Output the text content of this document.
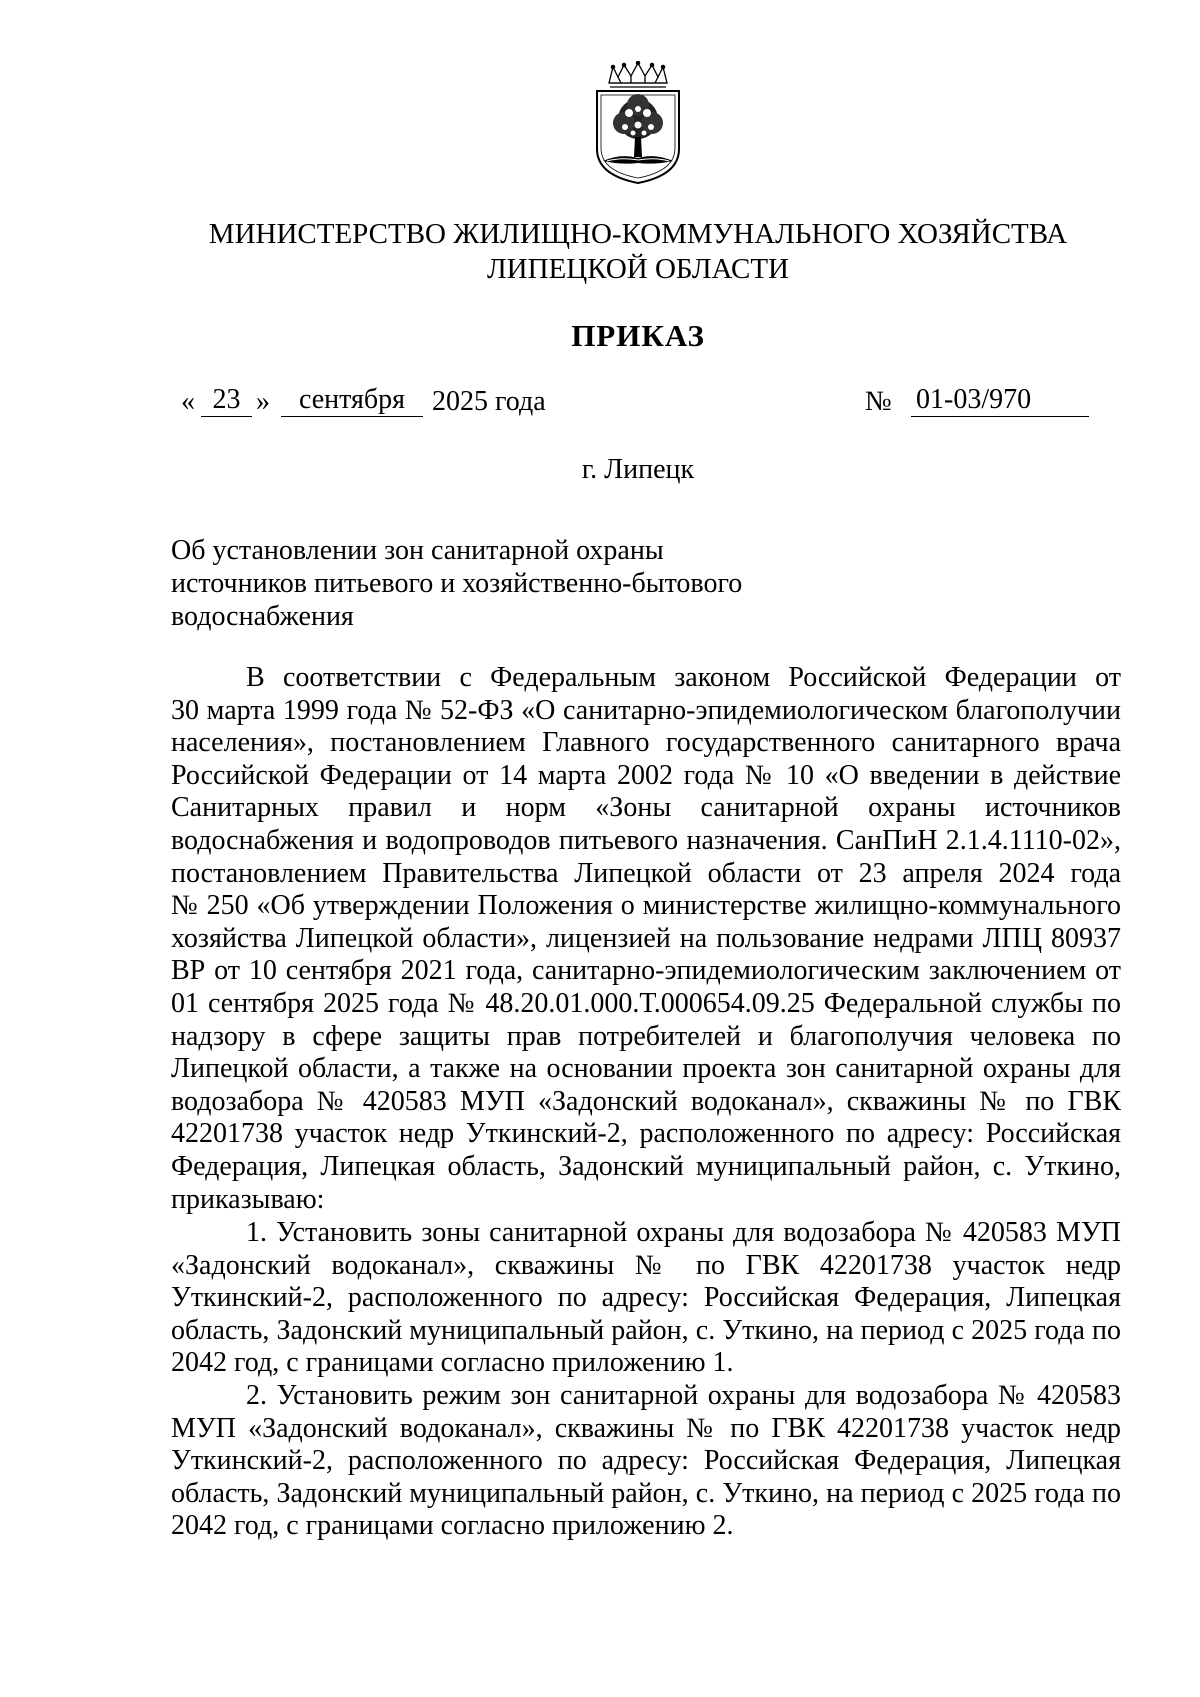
МИНИСТЕРСТВО ЖИЛИЩНО-КОММУНАЛЬНОГО ХОЗЯЙСТВА
ЛИПЕЦКОЙ ОБЛАСТИ
ПРИКАЗ
« 23 »	сентября 2025 года	№ 01-03/970
г. Липецк
Об установлении зон санитарной охраны
источников питьевого и хозяйственно-бытового
водоснабжения
В соответствии с Федеральным законом Российской Федерации от
30 марта 1999 года № 52-ФЗ «О санитарно-эпидемиологическом благополучии
населения», постановлением Главного государственного санитарного врача
Российской Федерации от 14 марта 2002 года № 10 «О введении в действие
Санитарных правил и норм «Зоны санитарной охраны источников
водоснабжения и водопроводов питьевого назначения. СанПиН 2.1.4.1110-02»,
постановлением Правительства Липецкой области от 23 апреля 2024 года
№ 250 «Об утверждении Положения о министерстве жилищно-коммунального
хозяйства Липецкой области», лицензией на пользование недрами ЛПЦ 80937
ВР от 10 сентября 2021 года, санитарно-эпидемиологическим заключением от
01 сентября 2025 года № 48.20.01.000.Т.000654.09.25 Федеральной службы по
надзору в сфере защиты прав потребителей и благополучия человека по
Липецкой области, а также на основании проекта зон санитарной охраны для
водозабора № 420583 МУП «Задонский водоканал», скважины № по ГВК
42201738 участок недр Уткинский-2, расположенного по адресу: Российская
Федерация, Липецкая область, Задонский муниципальный район, с. Уткино,
приказываю:
1. Установить зоны санитарной охраны для водозабора № 420583 МУП
«Задонский водоканал», скважины № по ГВК 42201738 участок недр
Уткинский-2, расположенного по адресу: Российская Федерация, Липецкая
область, Задонский муниципальный район, с. Уткино, на период с 2025 года по
2042 год, с границами согласно приложению 1.
2. Установить режим зон санитарной охраны для водозабора № 420583
МУП «Задонский водоканал», скважины № по ГВК 42201738 участок недр
Уткинский-2, расположенного по адресу: Российская Федерация, Липецкая
область, Задонский муниципальный район, с. Уткино, на период с 2025 года по
2042 год, с границами согласно приложению 2.
